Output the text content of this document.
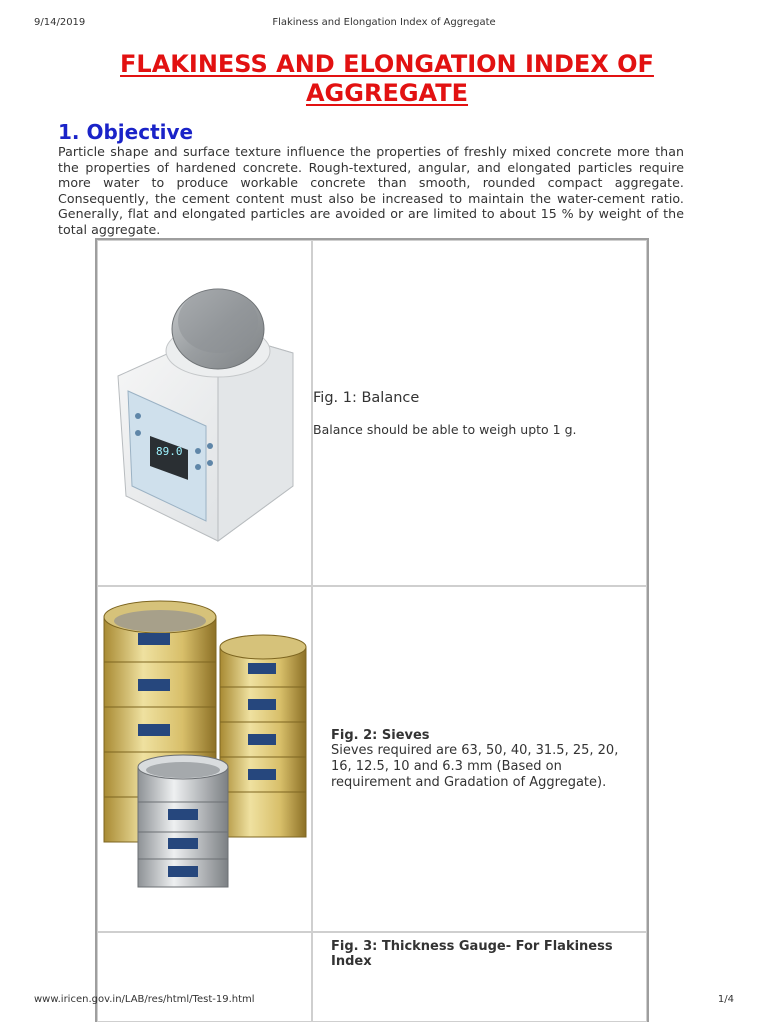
9/14/2019	Flakiness and Elongation Index of Aggregate
FLAKINESS AND ELONGATION INDEX OF AGGREGATE
1. Objective

Particle shape and surface texture influence the properties of freshly mixed concrete more than the properties of hardened concrete. Rough-textured, angular, and elongated particles require more water to produce workable concrete than smooth, rounded compact aggregate. Consequently, the cement content must also be increased to maintain the water-cement ratio. Generally, flat and elongated particles are avoided or are limited to about 15 % by weight of the total aggregate.

89.0	Fig. 1: Balance

Balance should be able to weigh upto 1 g.

Fig. 2: Sieves

Sieves required are 63, 50, 40, 31.5, 25, 20, 16, 12.5, 10 and 6.3 mm (Based on requirement and Gradation of Aggregate).

	Fig. 3: Thickness Gauge- For Flakiness Index

www.iricen.gov.in/LAB/res/html/Test-19.html	1/4
